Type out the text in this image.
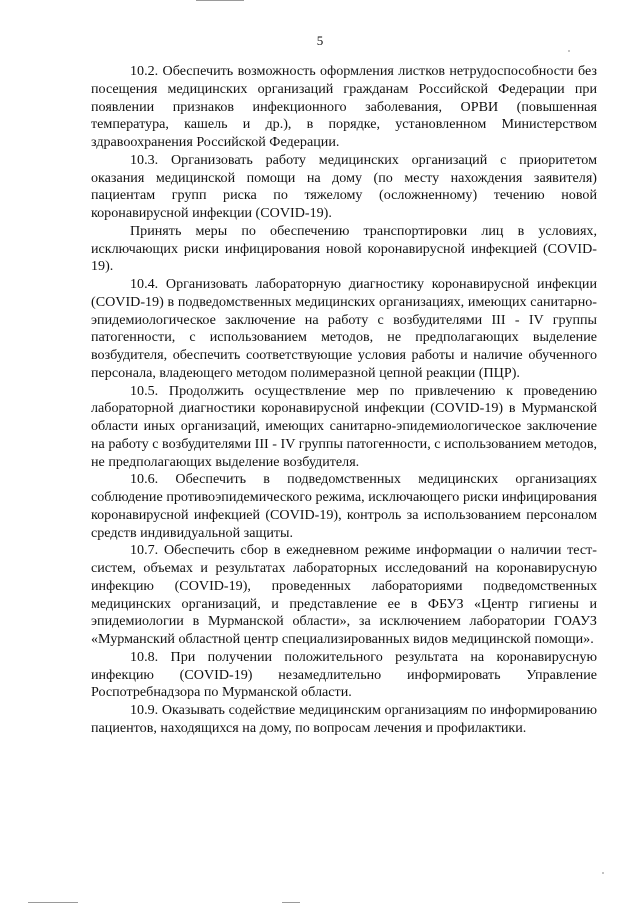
5

10.2. Обеспечить возможность оформления листков нетрудоспособности без посещения медицинских организаций гражданам Российской Федерации при появлении признаков инфекционного заболевания, ОРВИ (повышенная температура, кашель и др.), в порядке, установленном Министерством здравоохранения Российской Федерации.

10.3. Организовать работу медицинских организаций с приоритетом оказания медицинской помощи на дому (по месту нахождения заявителя) пациентам групп риска по тяжелому (осложненному) течению новой коронавирусной инфекции (COVID-19).

Принять меры по обеспечению транспортировки лиц в условиях, исключающих риски инфицирования новой коронавирусной инфекцией (COVID-19).

10.4. Организовать лабораторную диагностику коронавирусной инфекции (COVID-19) в подведомственных медицинских организациях, имеющих санитарно-эпидемиологическое заключение на работу с возбудителями III - IV группы патогенности, с использованием методов, не предполагающих выделение возбудителя, обеспечить соответствующие условия работы и наличие обученного персонала, владеющего методом полимеразной цепной реакции (ПЦР).

10.5. Продолжить осуществление мер по привлечению к проведению лабораторной диагностики коронавирусной инфекции (COVID-19) в Мурманской области иных организаций, имеющих санитарно-эпидемиологическое заключение на работу с возбудителями III - IV группы патогенности, с использованием методов, не предполагающих выделение возбудителя.

10.6. Обеспечить в подведомственных медицинских организациях соблюдение противоэпидемического режима, исключающего риски инфицирования коронавирусной инфекцией (COVID-19), контроль за использованием персоналом средств индивидуальной защиты.

10.7. Обеспечить сбор в ежедневном режиме информации о наличии тест-систем, объемах и результатах лабораторных исследований на коронавирусную инфекцию (COVID-19), проведенных лабораториями подведомственных медицинских организаций, и представление ее в ФБУЗ «Центр гигиены и эпидемиологии в Мурманской области», за исключением лаборатории ГОАУЗ «Мурманский областной центр специализированных видов медицинской помощи».

10.8. При получении положительного результата на коронавирусную инфекцию (COVID-19) незамедлительно информировать Управление Роспотребнадзора по Мурманской области.

10.9. Оказывать содействие медицинским организациям по информированию пациентов, находящихся на дому, по вопросам лечения и профилактики.
